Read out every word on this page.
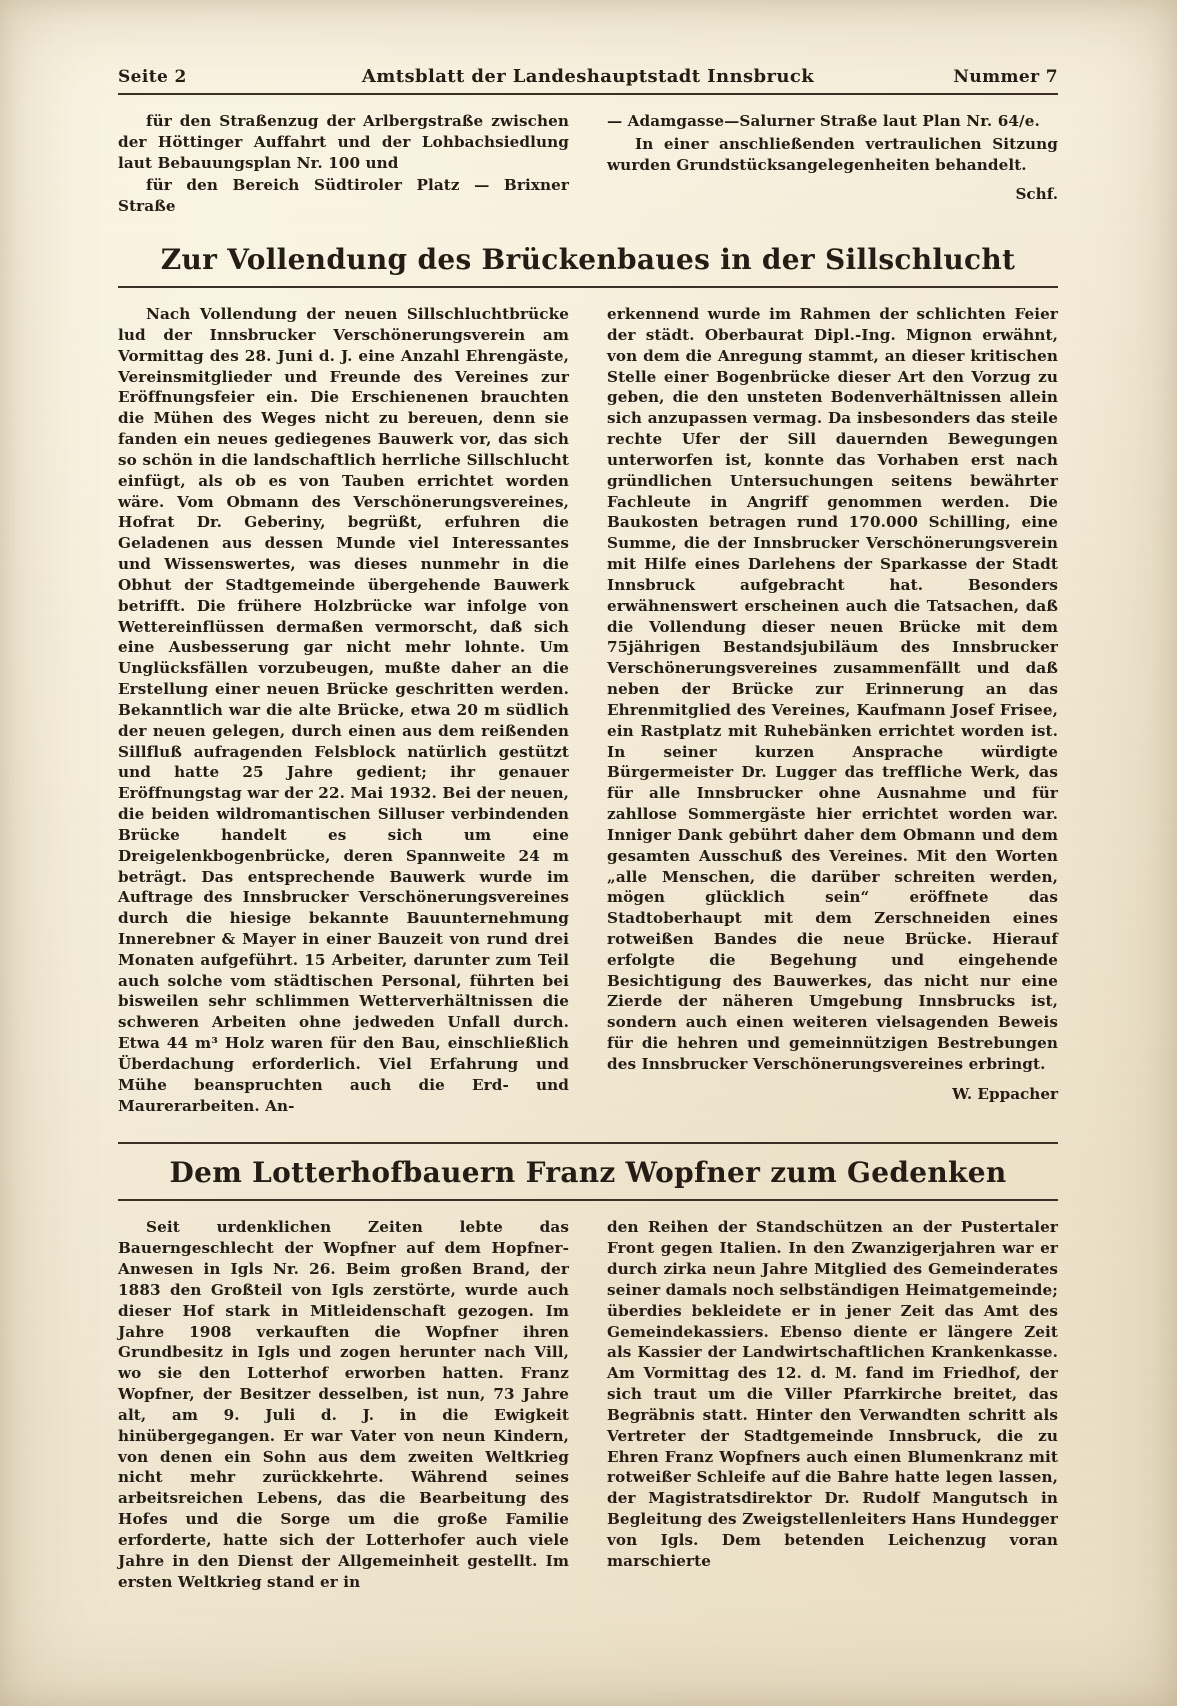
Seite 2	Amtsblatt der Landeshauptstadt Innsbruck	Nummer 7

für den Straßenzug der Arlbergstraße zwischen der Höttinger Auffahrt und der Lohbachsiedlung laut Bebauungsplan Nr. 100 und

für den Bereich Südtiroler Platz — Brixner Straße

— Adamgasse—Salurner Straße laut Plan Nr. 64/e.

In einer anschließenden vertraulichen Sitzung wurden Grundstücksangelegenheiten behandelt.

Schf.
Zur Vollendung des Brückenbaues in der Sillschlucht

Nach Vollendung der neuen Sillschluchtbrücke lud der Innsbrucker Verschönerungsverein am Vormittag des 28. Juni d. J. eine Anzahl Ehrengäste, Vereinsmitglieder und Freunde des Vereines zur Eröffnungsfeier ein. Die Erschienenen brauchten die Mühen des Weges nicht zu bereuen, denn sie fanden ein neues gediegenes Bauwerk vor, das sich so schön in die landschaftlich herrliche Sillschlucht einfügt, als ob es von Tauben errichtet worden wäre. Vom Obmann des Verschönerungsvereines, Hofrat Dr. Geberiny, begrüßt, erfuhren die Geladenen aus dessen Munde viel Interessantes und Wissenswertes, was dieses nunmehr in die Obhut der Stadtgemeinde übergehende Bauwerk betrifft. Die frühere Holzbrücke war infolge von Wettereinflüssen dermaßen vermorscht, daß sich eine Ausbesserung gar nicht mehr lohnte. Um Unglücksfällen vorzubeugen, mußte daher an die Erstellung einer neuen Brücke geschritten werden. Bekanntlich war die alte Brücke, etwa 20 m südlich der neuen gelegen, durch einen aus dem reißenden Sillfluß aufragenden Felsblock natürlich gestützt und hatte 25 Jahre gedient; ihr genauer Eröffnungstag war der 22. Mai 1932. Bei der neuen, die beiden wildromantischen Silluser verbindenden Brücke handelt es sich um eine Dreigelenkbogenbrücke, deren Spannweite 24 m beträgt. Das entsprechende Bauwerk wurde im Auftrage des Innsbrucker Verschönerungsvereines durch die hiesige bekannte Bauunternehmung Innerebner & Mayer in einer Bauzeit von rund drei Monaten aufgeführt. 15 Arbeiter, darunter zum Teil auch solche vom städtischen Personal, führten bei bisweilen sehr schlimmen Wetterverhältnissen die schweren Arbeiten ohne jedweden Unfall durch. Etwa 44 m³ Holz waren für den Bau, einschließlich Überdachung erforderlich. Viel Erfahrung und Mühe beanspruchten auch die Erd- und Maurerarbeiten. An-

erkennend wurde im Rahmen der schlichten Feier der städt. Oberbaurat Dipl.-Ing. Mignon erwähnt, von dem die Anregung stammt, an dieser kritischen Stelle einer Bogenbrücke dieser Art den Vorzug zu geben, die den unsteten Bodenverhältnissen allein sich anzupassen vermag. Da insbesonders das steile rechte Ufer der Sill dauernden Bewegungen unterworfen ist, konnte das Vorhaben erst nach gründlichen Untersuchungen seitens bewährter Fachleute in Angriff genommen werden. Die Baukosten betragen rund 170.000 Schilling, eine Summe, die der Innsbrucker Verschönerungsverein mit Hilfe eines Darlehens der Sparkasse der Stadt Innsbruck aufgebracht hat. Besonders erwähnenswert erscheinen auch die Tatsachen, daß die Vollendung dieser neuen Brücke mit dem 75jährigen Bestandsjubiläum des Innsbrucker Verschönerungsvereines zusammenfällt und daß neben der Brücke zur Erinnerung an das Ehrenmitglied des Vereines, Kaufmann Josef Frisee, ein Rastplatz mit Ruhebänken errichtet worden ist. In seiner kurzen Ansprache würdigte Bürgermeister Dr. Lugger das treffliche Werk, das für alle Innsbrucker ohne Ausnahme und für zahllose Sommergäste hier errichtet worden war. Inniger Dank gebührt daher dem Obmann und dem gesamten Ausschuß des Vereines. Mit den Worten „alle Menschen, die darüber schreiten werden, mögen glücklich sein“ eröffnete das Stadtoberhaupt mit dem Zerschneiden eines rotweißen Bandes die neue Brücke. Hierauf erfolgte die Begehung und eingehende Besichtigung des Bauwerkes, das nicht nur eine Zierde der näheren Umgebung Innsbrucks ist, sondern auch einen weiteren vielsagenden Beweis für die hehren und gemeinnützigen Bestrebungen des Innsbrucker Verschönerungsvereines erbringt.

W. Eppacher
Dem Lotterhofbauern Franz Wopfner zum Gedenken

Seit urdenklichen Zeiten lebte das Bauerngeschlecht der Wopfner auf dem Hopfner-Anwesen in Igls Nr. 26. Beim großen Brand, der 1883 den Großteil von Igls zerstörte, wurde auch dieser Hof stark in Mitleidenschaft gezogen. Im Jahre 1908 verkauften die Wopfner ihren Grundbesitz in Igls und zogen herunter nach Vill, wo sie den Lotterhof erworben hatten. Franz Wopfner, der Besitzer desselben, ist nun, 73 Jahre alt, am 9. Juli d. J. in die Ewigkeit hinübergegangen. Er war Vater von neun Kindern, von denen ein Sohn aus dem zweiten Weltkrieg nicht mehr zurückkehrte. Während seines arbeitsreichen Lebens, das die Bearbeitung des Hofes und die Sorge um die große Familie erforderte, hatte sich der Lotterhofer auch viele Jahre in den Dienst der Allgemeinheit gestellt. Im ersten Weltkrieg stand er in

den Reihen der Standschützen an der Pustertaler Front gegen Italien. In den Zwanzigerjahren war er durch zirka neun Jahre Mitglied des Gemeinderates seiner damals noch selbständigen Heimatgemeinde; überdies bekleidete er in jener Zeit das Amt des Gemeindekassiers. Ebenso diente er längere Zeit als Kassier der Landwirtschaftlichen Krankenkasse. Am Vormittag des 12. d. M. fand im Friedhof, der sich traut um die Viller Pfarrkirche breitet, das Begräbnis statt. Hinter den Verwandten schritt als Vertreter der Stadtgemeinde Innsbruck, die zu Ehren Franz Wopfners auch einen Blumenkranz mit rotweißer Schleife auf die Bahre hatte legen lassen, der Magistratsdirektor Dr. Rudolf Mangutsch in Begleitung des Zweigstellenleiters Hans Hundegger von Igls. Dem betenden Leichenzug voran marschierte
